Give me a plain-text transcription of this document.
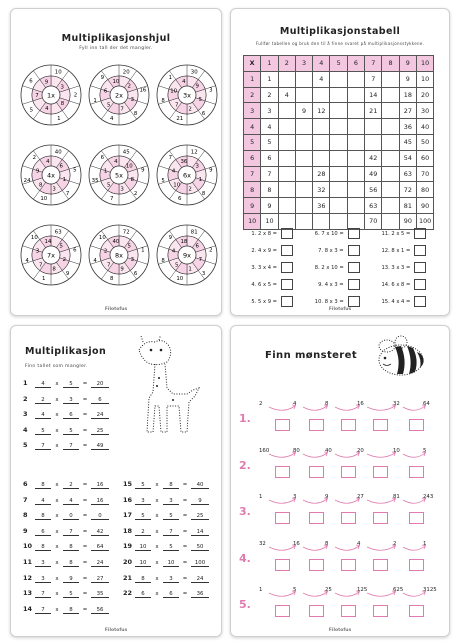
Multiplikasjonshjul
Fyll inn tall der det mangler.
1x
10
3
2
8
1
4
5
7
6 9
2x
20
2
16
3
8
7
4
5
1
6
9
10
3x
30
9
3
5
6
2
21
7
8
10
1
4
4x
40
6
5
1
7
3
10
8
24
9
2
4
5x
45
10
9
8
2
3
7
5
35
1
6
4
6x
12
3
9
1
8
2
6
10
5
4
7
36
7x
63
5
6
2
9
8
1
7
4
3
10
14
8x
72
5
1
3
6
9
8
7
4
2
10
40
9x
81
6
2
7
3
1
10
5
8
4
9
18
Filotofus
Multiplikasjonstabell
Fullfør tabellen og bruk den til å finne svaret på multiplikasjonsstykkene.
X	1	2	3	4	5	6	7	8	9	10
1	1			4			7		9	10
2	2	4					14		18	20
3	3		9	12			21		27	30
4	4								36	40
5	5								45	50
6	6						42		54	60
7	7			28			49		63	70
8	8			32			56		72	80
9	9			36			63		81	90
10	10						70		90	100
1. 2 x 8 =	6. 7 x 10 =	11. 2 x 5 =
2. 4 x 9 =	7. 8 x 3 =	12. 8 x 1 =
3. 3 x 4 =	8. 2 x 10 =	13. 3 x 3 =
4. 6 x 5 =	9. 4 x 3 =	14. 6 x 8 =
5. 5 x 9 =	10. 8 x 3 =	15. 4 x 4 =
Filotofus
Multiplikasjon
Finn tallet som mangler.
1	4 x 5 = 20
2	2 x 3 = 6
3	4 x 6 = 24
4	5 x 5 = 25
5	7 x 7 = 49
6	8 x 2 = 16
7	4 x 4 = 16
8	8 x 0 = 0
9	6 x 7 = 42
10 8 x 8 = 64
11 3 x 8 = 24
12 3 x 9 = 27
13 7 x 5 = 35
14 7 x 8 = 56
15 5 x 8 = 40
16 3 x 3 = 9
17 5 x 5 = 25
18 2 x 7 = 14
19 10 x 5 = 50
20 10 x 10 = 100
21 8 x 3 = 24
22 6 x 6 = 36
Filotofus
Finn mønsteret
1.
2	4	8	16	32	64
2.
160	80	40	20	10	5
3.
1	3	9	27	81	243
4.
32	16	8	4	2	1
5.
1	5	25	125	625	3125
Filotofus
